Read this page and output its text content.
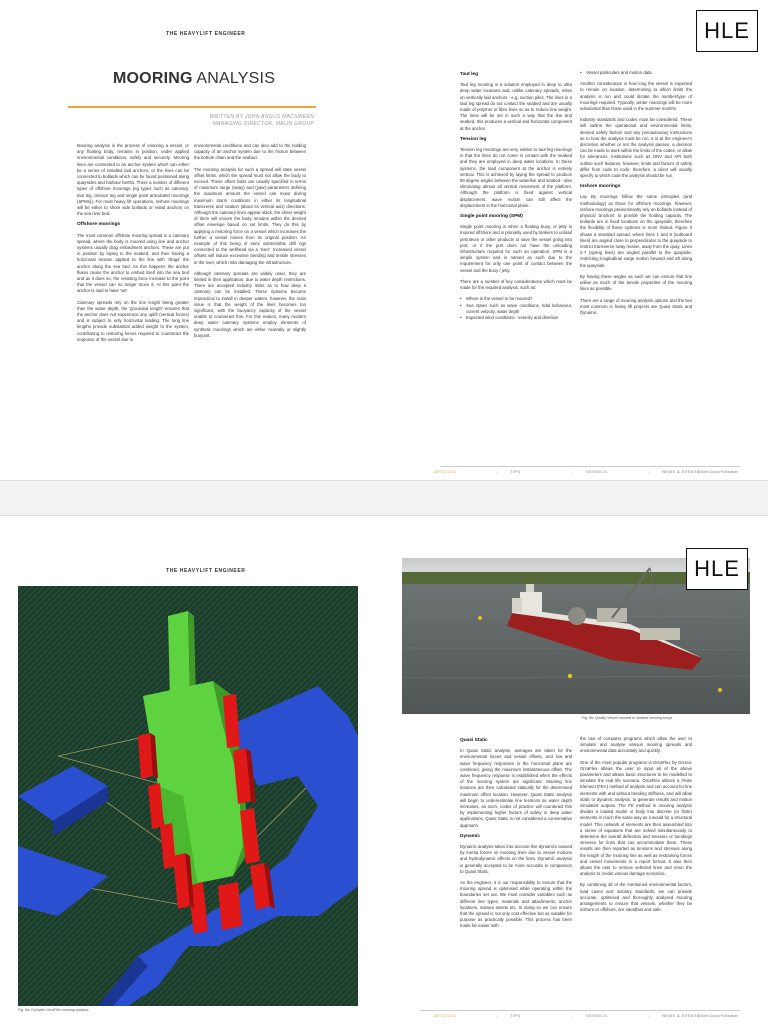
THE HEAVYLIFT ENGINEER	HLE
MOORING ANALYSIS
WRITTEN BY JOHN ANGUS MACSWEEN
MANAGING DIRECTOR, MALIN GROUP

Mooring analysis is the process of ensuring a vessel, or any floating body, remains in position, under applied environmental conditions, safely and securely. Mooring lines are connected to an anchor system which can either be a series of installed laid anchors, or the lines can be connected to bollards which can be found positioned along quaysides and harbour berths. There a number of different types of offshore moorings (eg types such as catenary, taut leg, tension leg and single point articulated moorings (SPMs)). For most heavy lift operations, inshore moorings will be either to shore side bollards or relaid anchors on the sea river bed.

Offshore moorings

The most common offshore mooring spread is a catenary spread, where the body is moored using line and anchor systems usually drag embedment anchors. These are put in position by laying to the seabed, and then having a horizontal tension applied to the line with 'drags' the anchor along the sea bed. As this happens the anchor flukes cause the anchor to embed itself into the sea bed and as it does so, the resisting force increase to the point that the vessel can no longer move it. At this point the anchor is said to have 'set'.

Catenary spreads rely on the line length being greater than the water depth, the 'grounded length' ensures that the anchor does not experience any uplift (vertical forces) and is subject to only horizontal loading. The long line lengths provide substantial added weight to the system, contributing to restoring forces required to counteract the response of the vessel due to

environmental conditions and can also add to the holding capacity of an anchor system due to the friction between the bottom chain and the seabed.

The mooring analysis for such a spread will state vessel offset limits, which the spread must not allow the body to exceed. These offset limits are usually specified in terms of maximum surge (sway) and (yaw) parameters defining the maximum amount the vessel can move during maximum storm conditions in either its longitudinal transverse and rotation (about its vertical axis) directions. Although the catenary lines appear slack, the sheer weight of them will ensure the body remains within the desired offset envelope based on set limits. They do this by applying a restoring force on a vessel which increases the further a vessel moves from its original position. An example of this being of semi submersible drill rigs connected to the wellhead via a 'riser'. Increased vessel offsets will induce excessive bending and tensile stresses in the riser, which risks damaging the infrastructure.

Although catenary spreads are widely used, they are limited in their application, due to water depth restrictions. There are accepted industry limits as to how deep a catenary can be installed. These systems become impractical to install in deeper waters, however, the main issue is that the weight of the lines becomes too significant, with the buoyancy capacity of the vessel unable to counteract this. For this reason, many modern deep water catenary systems employ elements of synthetic moorings which are either neutrally or slightly buoyant.

Taut leg

Taut leg mooring is a solution employed in deep to ultra deep water locations and, unlike catenary spreads, relies on vertically laid anchors - e.g. suction piles. The lines in a taut leg spread do not contact the seabed and are usually made of polymer or fibre lines so as to reduce line weight. The lines will be set in such a way that the line and seabed, this produces a vertical and horizontal component at the anchor.

Tension leg

Tension leg moorings are very similar to taut leg moorings in that the lines do not come in contact with the seabed and they are employed in deep water locations. In these systems, the load component at the anchor is entirely vertical. This is achieved by laying the spread to produce 90 degree angles between the waterline and seabed - also eliminating almost all vertical movement of the platform. Although the platform is fixed against vertical displacement, wave motion can still affect the displacement in the horizontal plane.

Single point mooring (SPM)

Single point mooring is when a floating buoy, or jetty is moored offshore and is primarily used by tankers to unload petroleum or other products to save the vessel going into port, or if the port does not have the unloading infrastructure required for such an operation. SPM is a simple system and is named as such due to the requirement for only one point of contact between the vessel and the buoy / jetty.

There are a number of key considerations which must be made for the required analysis, such as:

• Where is the vessel to be moored?
• Sea states such as wave conditions, tidal behaviour, current velocity, water depth
• Expected wind conditions - velocity and direction
• Vessel particulars and motion data

Another consideration is how long the vessel is expected to remain on location, determining to which limits the analysis is run and could dictate the number/type of moorings required. Typically, winter moorings will be more substantial than those used in the summer months.

Industry standards and codes must be considered. These will outline the operational and environmental limits, desired safety factors and any precautionary instructions as to how the analysis must be run. It is at the engineer's discretion whether or not the analysis passes, a decision can be made to work within the limits of the codes, or allow for tolerances. Institutions such as DNV and API both outline such features, however, limits and factors of safety differ from code to code; therefore, a client will usually specify to which code the analysis should be run.

Inshore moorings

Lay By moorings follow the same principles (and methodology) as those for offshore moorings, however, inshore moorings predominantly rely on bollards instead of physical 'anchors' to provide the holding capacity. The bollards are in fixed locations on the quayside, therefore the flexibility of these systems is more limited. Figure 3 shows a standard spread, where lines 1 and 8 (outboard lines) are angled close to perpendicular to the quayside to restrict transverse sway motion, away from the quay. Lines 2-7 (spring lines) are angled parallel to the quayside, restricting longitudinal surge motion forward and aft along the quayside.

By having these angles as such we can ensure that line utilise as much of the tensile properties of the mooring lines as possible.

There are a range of mooring analysis options and the two most common in heavy lift projects are Quasi Static and Dynamic.

ARTICLES	|	TIPS	|	VESSELS	|	NEWS & EVENTS
a Malin Group Publication
THE HEAVYLIFT ENGINEER
Fig. 6a: Complex OrcaFlex mooring analysis
HLE
Fig. 6b: Quality Vessel moored to seabed mooring buoys
Quasi Static

In Quasi Static analysis, averages are taken for the environmental forces and vessel offsets, and low and wave frequency responses in the horizontal plane are combined, giving the maximum instantaneous offset. The wave frequency response is established when the effects of the mooring system are significant. Mooring line tensions are then calculated statically for the determined maximum offset location. However, Quasi Static analysis will begin to underestimate line tensions as water depth increases, as such, codes of practice will counteract this by implementing higher factors of safety in deep water applications. Quasi Static is not considered a conservative approach.

Dynamic

Dynamic analysis takes into account line dynamics caused by inertia forces on mooring lines due to vessel motions and hydrodynamic effects on the lines. Dynamic analysis is generally accepted to be more accurate in comparison to Quasi Static.

As the engineer, it is our responsibility to ensure that the mooring spread is optimised while operating within the boundaries set out. We must consider variables such as different line types, materials and attachments, anchor locations, subsea assets etc. In doing so we can ensure that the spread is not only cost effective but as suitable for purpose as practically possible. This process has been made far easier with

the use of computer programs which allow the user to simulate and analyse various mooring spreads and environmental data accurately and quickly.

One of the most popular programs is OrcaFlex by Orcina. OrcaFlex allows the user to input all of the above parameters and allows basic structures to be modelled to simulate the real life scenario. OrcaFlex utilises a Finite Element (FEA) method of analysis and can account for line elements with and without bending stiffness, and will allow static or dynamic analysis, to generate results and motion simulated outputs. The FE method in mooring analysis divides a loaded model or body into discrete (or finite) elements in much the same way as it would for a structural model. This network of elements are then assembled into a series of equations that are solved simultaneously to determine the overall deflection and tensions or bendings stresses for lines that can accommodate them. These results are then reported as tensions and stresses along the length of the mooring line as well as restraining forces and vessel movements in a report format. It also then allows the user to remove selected lines and rerun the analysis to model various damage scenarios.

By combining all of the mentioned environmental factors, load cases and industry standards, we can provide accurate, optimised and thoroughly analysed mooring arrangements to ensure that vessels, whether they be inshore or offshore, are steadfast and safe.

ARTICLES	|	TIPS	|	VESSELS	|	NEWS & EVENTS
a Malin Group Publication
